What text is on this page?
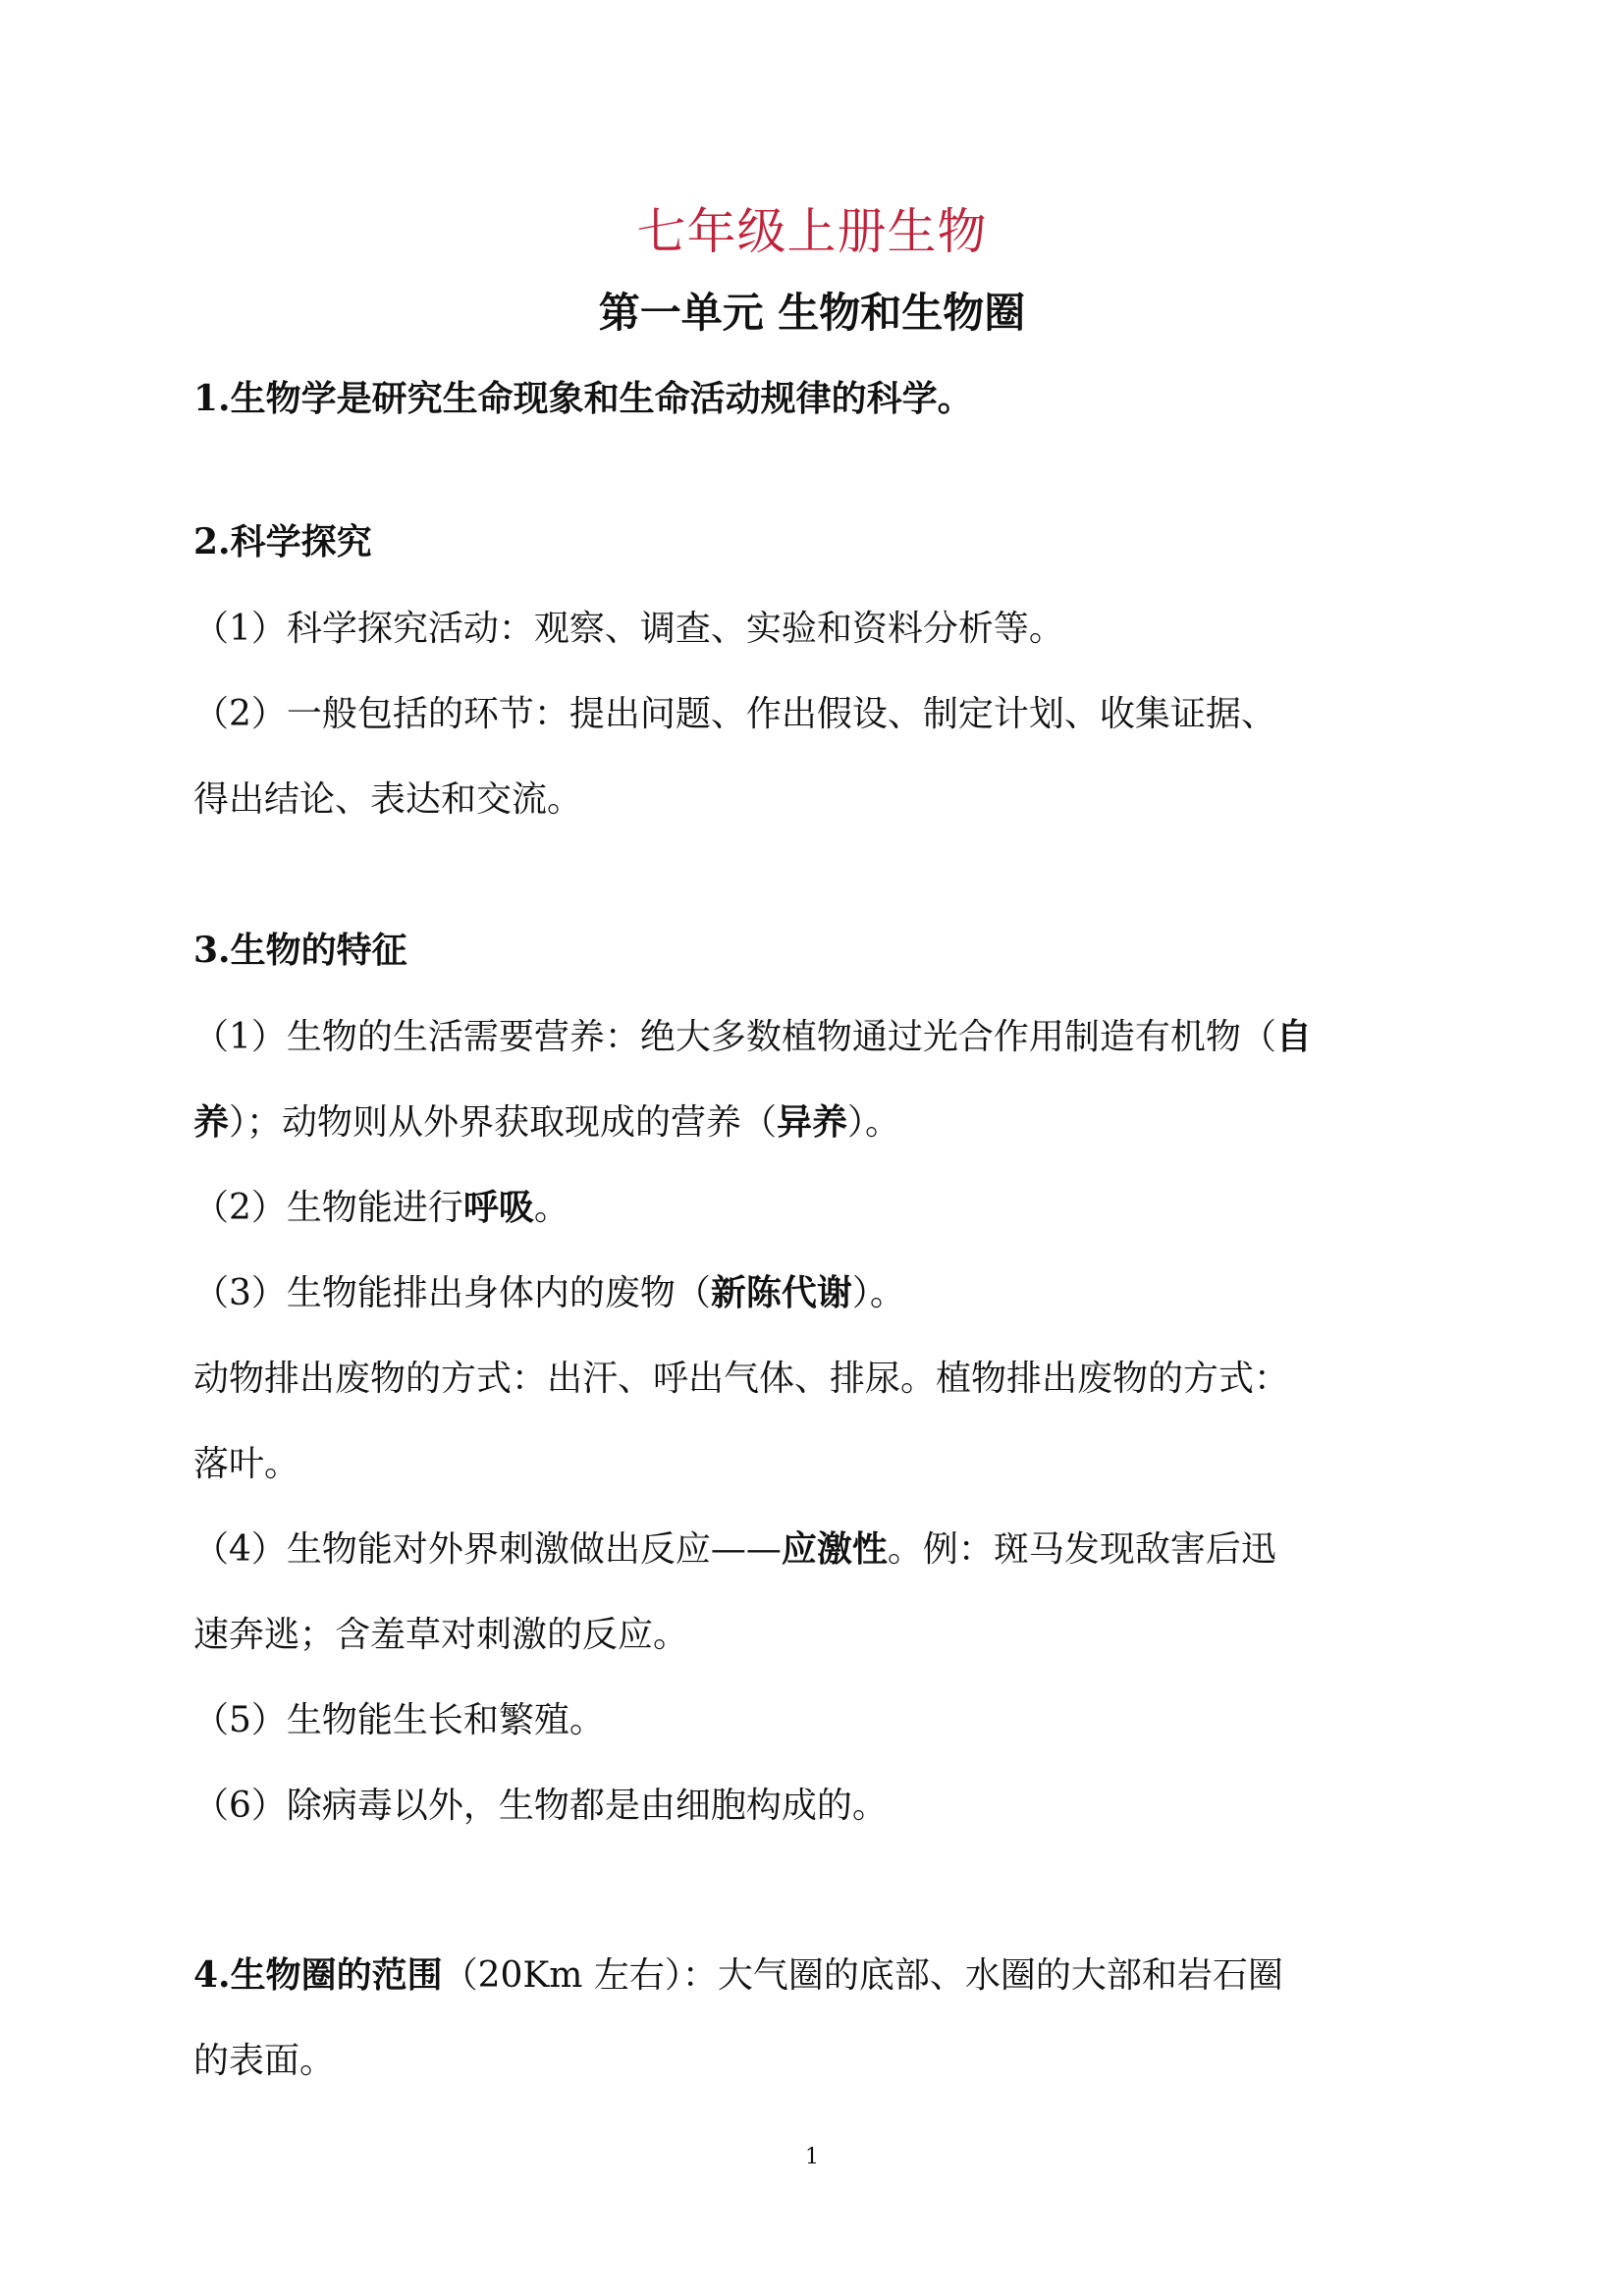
七年级上册生物
第一单元 生物和生物圈
1.生物学是研究生命现象和生命活动规律的科学。
2.科学探究
（1）科学探究活动：观察、调查、实验和资料分析等。
（2）一般包括的环节：提出问题、作出假设、制定计划、收集证据、
得出结论、表达和交流。
3.生物的特征
（1）生物的生活需要营养：绝大多数植物通过光合作用制造有机物（自
养）；动物则从外界获取现成的营养（异养）。
（2）生物能进行呼吸。
（3）生物能排出身体内的废物（新陈代谢）。
动物排出废物的方式：出汗、呼出气体、排尿。植物排出废物的方式：
落叶。
（4）生物能对外界刺激做出反应——应激性。例：斑马发现敌害后迅
速奔逃；含羞草对刺激的反应。
（5）生物能生长和繁殖。
（6）除病毒以外，生物都是由细胞构成的。
4.生物圈的范围（20Km 左右）：大气圈的底部、水圈的大部和岩石圈
的表面。
1
